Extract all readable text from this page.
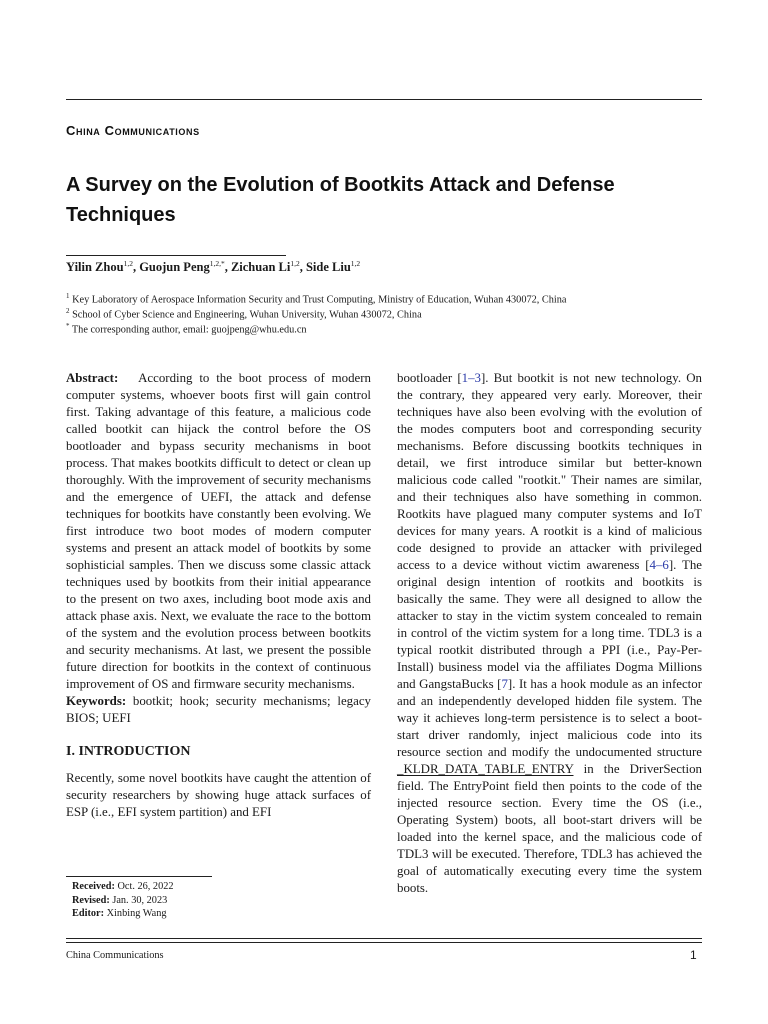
China Communications
A Survey on the Evolution of Bootkits Attack and Defense Techniques
Yilin Zhou$^{1,2}$, Guojun Peng$^{1,2,*}$, Zichuan Li$^{1,2}$, Side Liu$^{1,2}$
$^1$ Key Laboratory of Aerospace Information Security and Trust Computing, Ministry of Education, Wuhan 430072, China
$^2$ School of Cyber Science and Engineering, Wuhan University, Wuhan 430072, China
* The corresponding author, email: guojpeng@whu.edu.cn

Abstract: According to the boot process of modern computer systems, whoever boots first will gain control first. Taking advantage of this feature, a malicious code called bootkit can hijack the control before the OS bootloader and bypass security mechanisms in boot process. That makes bootkits difficult to detect or clean up thoroughly. With the improvement of security mechanisms and the emergence of UEFI, the attack and defense techniques for bootkits have constantly been evolving. We first introduce two boot modes of modern computer systems and present an attack model of bootkits by some sophisticial samples. Then we discuss some classic attack techniques used by bootkits from their initial appearance to the present on two axes, including boot mode axis and attack phase axis. Next, we evaluate the race to the bottom of the system and the evolution process between bootkits and security mechanisms. At last, we present the possible future direction for bootkits in the context of continuous improvement of OS and firmware security mechanisms.

Keywords: bootkit; hook; security mechanisms; legacy BIOS; UEFI

I. INTRODUCTION

Recently, some novel bootkits have caught the attention of security researchers by showing huge attack surfaces of ESP (i.e., EFI system partition) and EFI

bootloader [1–3]. But bootkit is not new technology. On the contrary, they appeared very early. Moreover, their techniques have also been evolving with the evolution of the modes computers boot and corresponding security mechanisms. Before discussing bootkits techniques in detail, we first introduce similar but better-known malicious code called "rootkit." Their names are similar, and their techniques also have something in common. Rootkits have plagued many computer systems and IoT devices for many years. A rootkit is a kind of malicious code designed to provide an attacker with privileged access to a device without victim awareness [4–6]. The original design intention of rootkits and bootkits is basically the same. They were all designed to allow the attacker to stay in the victim system concealed to remain in control of the victim system for a long time. TDL3 is a typical rootkit distributed through a PPI (i.e., Pay-Per-Install) business model via the affiliates Dogma Millions and GangstaBucks [7]. It has a hook module as an infector and an independently developed hidden file system. The way it achieves long-term persistence is to select a boot-start driver randomly, inject malicious code into its resource section and modify the undocumented structure _KLDR_DATA_TABLE_ENTRY in the DriverSection field. The EntryPoint field then points to the code of the injected resource section. Every time the OS (i.e., Operating System) boots, all boot-start drivers will be loaded into the kernel space, and the malicious code of TDL3 will be executed. Therefore, TDL3 has achieved the goal of automatically executing every time the system boots.

Received: Oct. 26, 2022
Revised: Jan. 30, 2023
Editor: Xinbing Wang
China Communications	1
